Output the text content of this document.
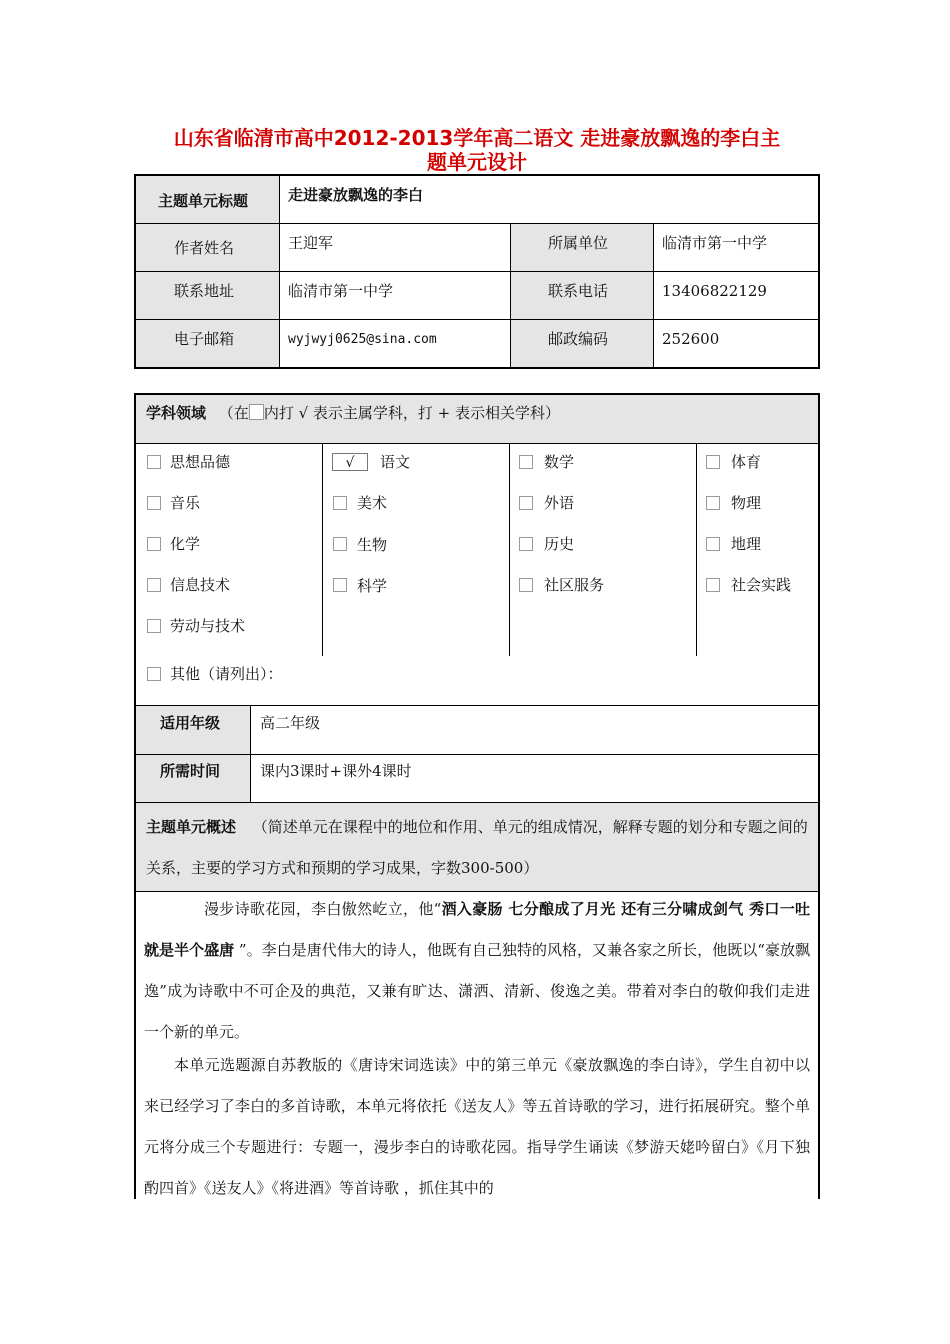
山东省临清市高中2012-2013学年高二语文 走进豪放飘逸的李白主
题单元设计
主题单元标题	走进豪放飘逸的李白
作者姓名	王迎军	所属单位	临清市第一中学
联系地址	临清市第一中学	联系电话	13406822129
电子邮箱	wyjwyj0625@sina.com	邮政编码	252600
学科领域 （在 内打 √ 表示主属学科，打 + 表示相关学科）
思想品德	√	语文	数学	体育
音乐	美术	外语	物理
化学	生物	历史	地理
信息技术	科学	社区服务	社会实践
劳动与技术
其他（请列出）：
适用年级	高二年级
所需时间	课内3课时+课外4课时
主题单元概述 （简述单元在课程中的地位和作用、单元的组成情况，解释专题的划分和专题之间的关系，主要的学习方式和预期的学习成果，字数300-500）

漫步诗歌花园，李白傲然屹立，他“酒入豪肠 七分酿成了月光 还有三分啸成剑气 秀口一吐 就是半个盛唐 ”。李白是唐代伟大的诗人，他既有自己独特的风格，又兼各家之所长，他既以“豪放飘逸”成为诗歌中不可企及的典范，又兼有旷达、潇洒、清新、俊逸之美。带着对李白的敬仰我们走进一个新的单元。

本单元选题源自苏教版的《唐诗宋词选读》中的第三单元《豪放飘逸的李白诗》，学生自初中以来已经学习了李白的多首诗歌，本单元将依托《送友人》等五首诗歌的学习，进行拓展研究。整个单元将分成三个专题进行：专题一，漫步李白的诗歌花园。指导学生诵读《梦游天姥吟留白》《月下独酌四首》《送友人》《将进酒》等首诗歌 ，抓住其中的
